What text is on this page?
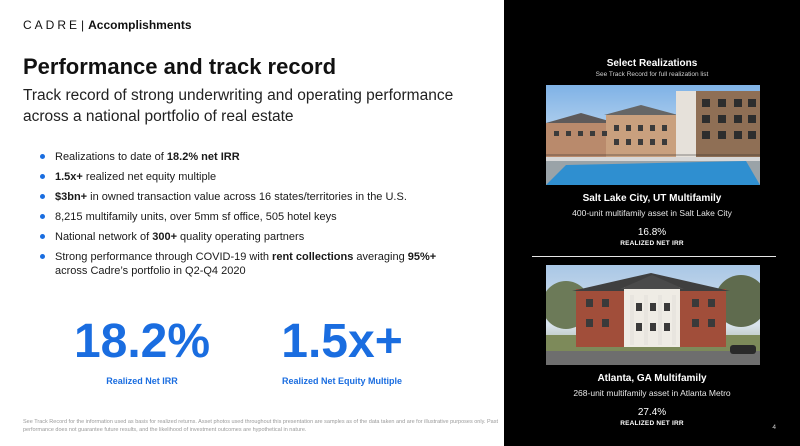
CADRE| Accomplishments
Performance and track record
Track record of strong underwriting and operating performance across a national portfolio of real estate
Realizations to date of 18.2% net IRR
1.5x+ realized net equity multiple
$3bn+ in owned transaction value across 16 states/territories in the U.S.
8,215 multifamily units, over 5mm sf office, 505 hotel keys
National network of 300+ quality operating partners
Strong performance through COVID-19 with rent collections averaging 95%+ across Cadre’s portfolio in Q2-Q4 2020
18.2%
Realized Net IRR
1.5x+
Realized Net Equity Multiple
See Track Record for the information used as basis for realized returns. Asset photos used throughout this presentation are samples as of the data taken and are for illustrative purposes only. Past performance does not guarantee future results, and the likelihood of investment outcomes are hypothetical in nature.
Select Realizations
See Track Record for full realization list
Salt Lake City, UT Multifamily
400-unit multifamily asset in Salt Lake City
16.8%
REALIZED NET IRR
Atlanta, GA Multifamily
268-unit multifamily asset in Atlanta Metro
27.4%
REALIZED NET IRR
4
